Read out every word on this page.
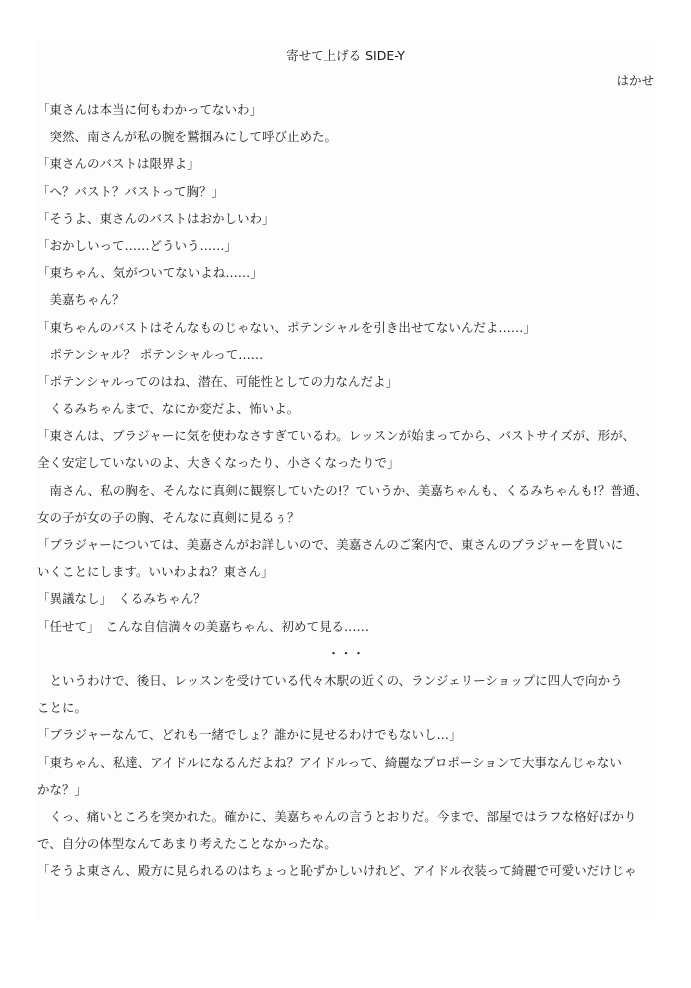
寄せて上げる SIDE-Y
はかせ
「東さんは本当に何もわかってないわ」
　突然、南さんが私の腕を鷲掴みにして呼び止めた。
「東さんのバストは限界よ」
「へ？バスト？バストって胸？」
「そうよ、東さんのバストはおかしいわ」
「おかしいって……どういう……」
「東ちゃん、気がついてないよね……」
　美嘉ちゃん？
「東ちゃんのバストはそんなものじゃない、ポテンシャルを引き出せてないんだよ……」
　ポテンシャル？ ポテンシャルって……
「ポテンシャルってのはね、潜在、可能性としての力なんだよ」
　くるみちゃんまで、なにか変だよ、怖いよ。
「東さんは、ブラジャーに気を使わなさすぎているわ。レッスンが始まってから、バストサイズが、形が、
全く安定していないのよ、大きくなったり、小さくなったりで」
　南さん、私の胸を、そんなに真剣に観察していたの!？ていうか、美嘉ちゃんも、くるみちゃんも!？普通、
女の子が女の子の胸、そんなに真剣に見るぅ？
「ブラジャーについては、美嘉さんがお詳しいので、美嘉さんのご案内で、東さんのブラジャーを買いに
いくことにします。いいわよね？東さん」
「異議なし」　くるみちゃん？
「任せて」　こんな自信満々の美嘉ちゃん、初めて見る……
・・・
　というわけで、後日、レッスンを受けている代々木駅の近くの、ランジェリーショップに四人で向かう
ことに。
「ブラジャーなんて、どれも一緒でしょ？誰かに見せるわけでもないし…」
「東ちゃん、私達、アイドルになるんだよね？アイドルって、綺麗なプロポーションて大事なんじゃない
かな？」
　くっ、痛いところを突かれた。確かに、美嘉ちゃんの言うとおりだ。今まで、部屋ではラフな格好ばかり
で、自分の体型なんてあまり考えたことなかったな。
「そうよ東さん、殿方に見られるのはちょっと恥ずかしいけれど、アイドル衣装って綺麗で可愛いだけじゃ
